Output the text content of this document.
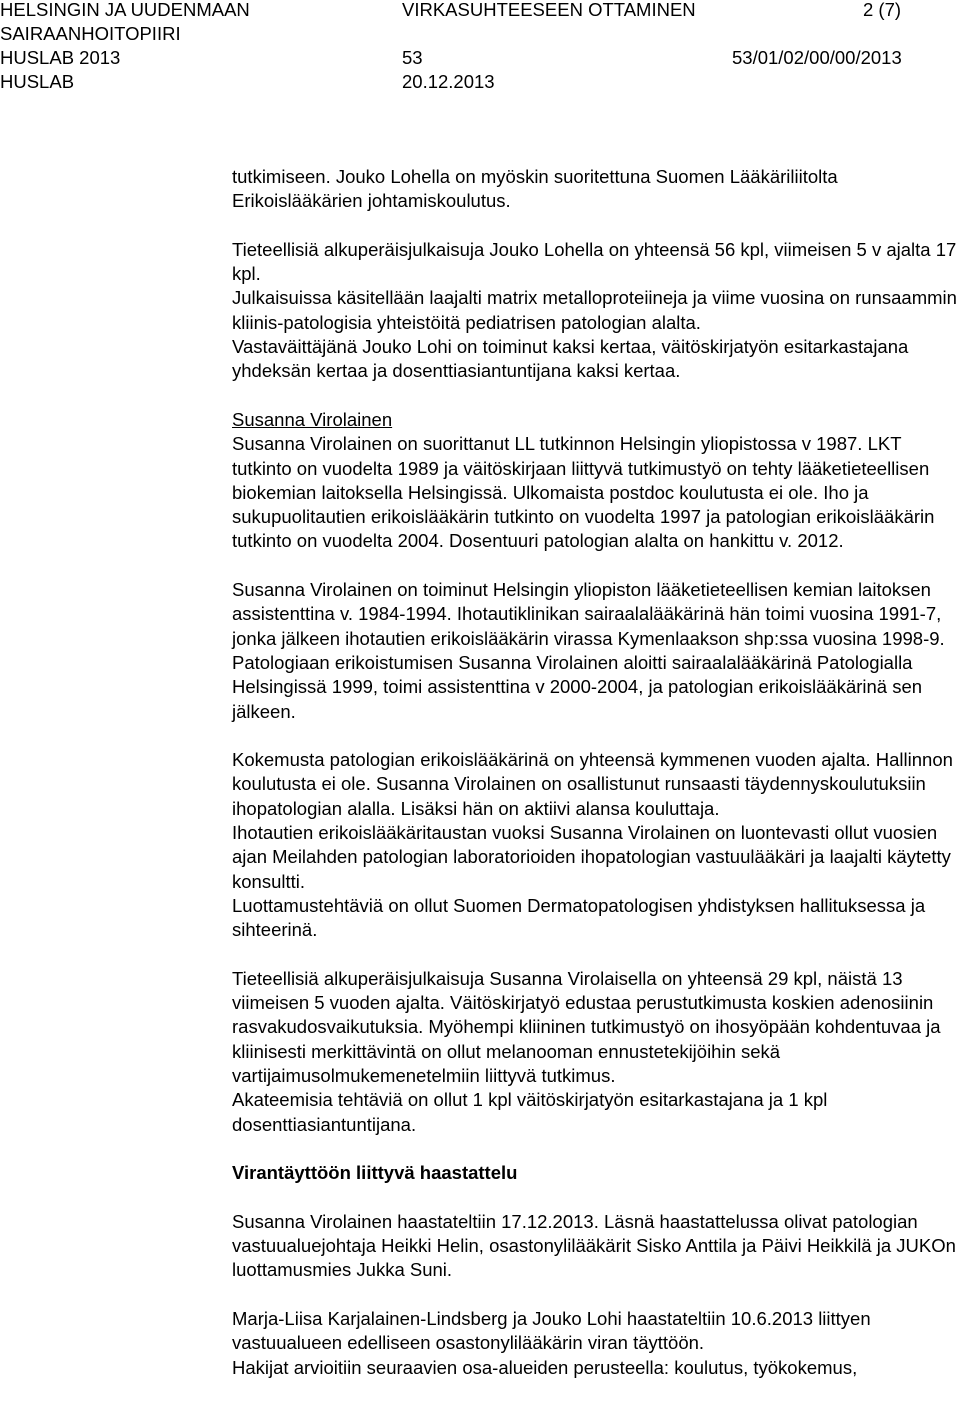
HELSINGIN JA UUDENMAAN
SAIRAANHOITOPIIRI
HUSLAB 2013
HUSLAB
VIRKASUHTEESEEN OTTAMINEN	2 (7)
53	53/01/02/00/00/2013
20.12.2013

tutkimiseen. Jouko Lohella on myöskin suoritettuna Suomen Lääkäriliitolta Erikoislääkärien johtamiskoulutus.

Tieteellisiä alkuperäisjulkaisuja Jouko Lohella on yhteensä 56 kpl, viimeisen 5 v ajalta 17 kpl.

Julkaisuissa käsitellään laajalti matrix metalloproteiineja ja viime vuosina on runsaammin kliinis-patologisia yhteistöitä pediatrisen patologian alalta.

Vastaväittäjänä Jouko Lohi on toiminut kaksi kertaa, väitöskirjatyön esitarkastajana yhdeksän kertaa ja dosenttiasiantuntijana kaksi kertaa.

Susanna Virolainen

Susanna Virolainen on suorittanut LL tutkinnon Helsingin yliopistossa v 1987. LKT tutkinto on vuodelta 1989 ja väitöskirjaan liittyvä tutkimustyö on tehty lääketieteellisen biokemian laitoksella Helsingissä. Ulkomaista postdoc koulutusta ei ole. Iho ja sukupuolitautien erikoislääkärin tutkinto on vuodelta 1997 ja patologian erikoislääkärin tutkinto on vuodelta 2004. Dosentuuri patologian alalta on hankittu v. 2012.

Susanna Virolainen on toiminut Helsingin yliopiston lääketieteellisen kemian laitoksen assistenttina v. 1984-1994. Ihotautiklinikan sairaalalääkärinä hän toimi vuosina 1991-7, jonka jälkeen ihotautien erikoislääkärin virassa Kymenlaakson shp:ssa vuosina 1998-9. Patologiaan erikoistumisen Susanna Virolainen aloitti sairaalalääkärinä Patologialla Helsingissä 1999, toimi assistenttina v 2000-2004, ja patologian erikoislääkärinä sen jälkeen.

Kokemusta patologian erikoislääkärinä on yhteensä kymmenen vuoden ajalta. Hallinnon koulutusta ei ole. Susanna Virolainen on osallistunut runsaasti täydennyskoulutuksiin ihopatologian alalla. Lisäksi hän on aktiivi alansa kouluttaja.

Ihotautien erikoislääkäritaustan vuoksi Susanna Virolainen on luontevasti ollut vuosien ajan Meilahden patologian laboratorioiden ihopatologian vastuulääkäri ja laajalti käytetty konsultti.

Luottamustehtäviä on ollut Suomen Dermatopatologisen yhdistyksen hallituksessa ja sihteerinä.

Tieteellisiä alkuperäisjulkaisuja Susanna Virolaisella on yhteensä 29 kpl, näistä 13 viimeisen 5 vuoden ajalta. Väitöskirjatyö edustaa perustutkimusta koskien adenosiinin rasvakudosvaikutuksia. Myöhempi kliininen tutkimustyö on ihosyöpään kohdentuvaa ja kliinisesti merkittävintä on ollut melanooman ennustetekijöihin sekä vartijaimusolmukemenetelmiin liittyvä tutkimus.

Akateemisia tehtäviä on ollut 1 kpl väitöskirjatyön esitarkastajana ja 1 kpl dosenttiasiantuntijana.

Virantäyttöön liittyvä haastattelu

Susanna Virolainen haastateltiin 17.12.2013. Läsnä haastattelussa olivat patologian vastuualuejohtaja Heikki Helin, osastonylilääkärit Sisko Anttila ja Päivi Heikkilä ja JUKOn luottamusmies Jukka Suni.

Marja-Liisa Karjalainen-Lindsberg ja Jouko Lohi haastateltiin 10.6.2013 liittyen vastuualueen edelliseen osastonylilääkärin viran täyttöön.

Hakijat arvioitiin seuraavien osa-alueiden perusteella: koulutus, työkokemus,
